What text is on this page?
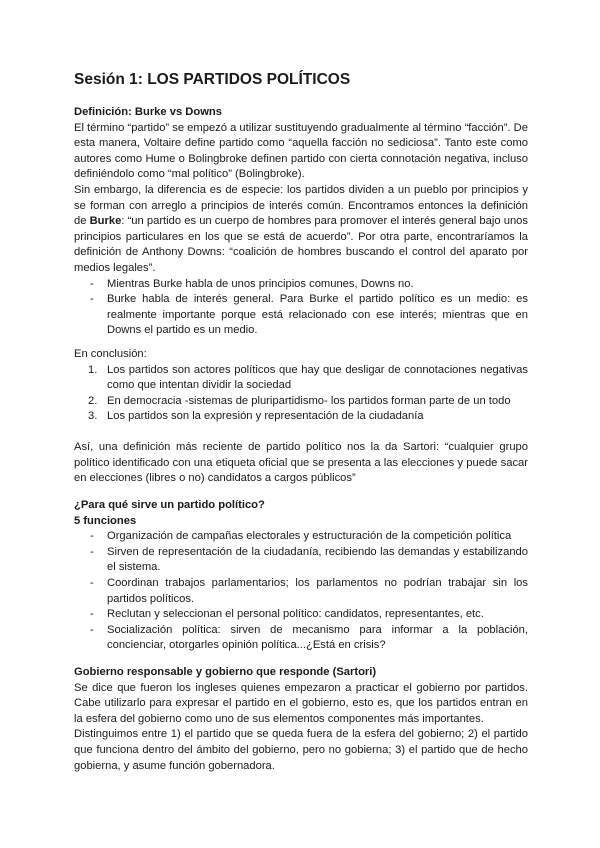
Sesión 1: LOS PARTIDOS POLÍTICOS

Definición: Burke vs Downs

El término “partido” se empezó a utilizar sustituyendo gradualmente al término “facción”. De esta manera, Voltaire define partido como “aquella facción no sediciosa”. Tanto este como autores como Hume o Bolingbroke definen partido con cierta connotación negativa, incluso definiéndolo como “mal político” (Bolingbroke).

Sin embargo, la diferencia es de especie: los partidos dividen a un pueblo por principios y se forman con arreglo a principios de interés común. Encontramos entonces la definición de Burke: “un partido es un cuerpo de hombres para promover el interés general bajo unos principios particulares en los que se está de acuerdo”. Por otra parte, encontraríamos la definición de Anthony Downs: “coalición de hombres buscando el control del aparato por medios legales”.

- Mientras Burke habla de unos principios comunes, Downs no.
- Burke habla de interés general. Para Burke el partido político es un medio: es realmente importante porque está relacionado con ese interés; mientras que en Downs el partido es un medio.

En conclusión:

1. Los partidos son actores políticos que hay que desligar de connotaciones negativas como que intentan dividir la sociedad
2. En democracia -sistemas de pluripartidismo- los partidos forman parte de un todo
3. Los partidos son la expresión y representación de la ciudadanía

Así, una definición más reciente de partido político nos la da Sartori: “cualquier grupo político identificado con una etiqueta oficial que se presenta a las elecciones y puede sacar en elecciones (libres o no) candidatos a cargos públicos”

¿Para qué sirve un partido político?

5 funciones

- Organización de campañas electorales y estructuración de la competición política
- Sirven de representación de la ciudadanía, recibiendo las demandas y estabilizando el sistema.
- Coordinan trabajos parlamentarios; los parlamentos no podrían trabajar sin los partidos políticos.
- Reclutan y seleccionan el personal político: candidatos, representantes, etc.
- Socialización política: sirven de mecanismo para informar a la población, concienciar, otorgarles opinión política...¿Está en crisis?

Gobierno responsable y gobierno que responde (Sartori)

Se dice que fueron los ingleses quienes empezaron a practicar el gobierno por partidos. Cabe utilizarlo para expresar el partido en el gobierno, esto es, que los partidos entran en la esfera del gobierno como uno de sus elementos componentes más importantes.

Distinguimos entre 1) el partido que se queda fuera de la esfera del gobierno; 2) el partido que funciona dentro del ámbito del gobierno, pero no gobierna; 3) el partido que de hecho gobierna, y asume función gobernadora.
